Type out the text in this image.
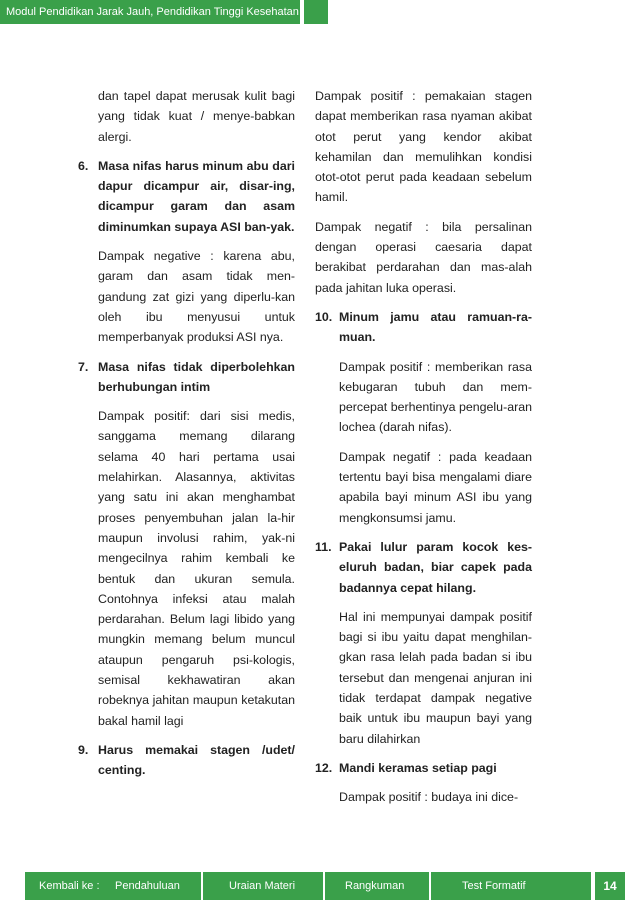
Modul Pendidikan Jarak Jauh, Pendidikan Tinggi Kesehatan

dan tapel dapat merusak kulit bagi yang tidak kuat / menye-babkan alergi.

6. Masa nifas harus minum abu dari dapur dicampur air, disar-ing, dicampur garam dan asam diminumkan supaya ASI ban-yak.

Dampak negative : karena abu, garam dan asam tidak men-gandung zat gizi yang diperlu-kan oleh ibu menyusui untuk memperbanyak produksi ASI nya.

7. Masa nifas tidak diperbolehkan berhubungan intim

Dampak positif: dari sisi medis, sanggama memang dilarang selama 40 hari pertama usai melahirkan. Alasannya, aktivitas yang satu ini akan menghambat proses penyembuhan jalan la-hir maupun involusi rahim, yak-ni mengecilnya rahim kembali ke bentuk dan ukuran semula. Contohnya infeksi atau malah perdarahan. Belum lagi libido yang mungkin memang belum muncul ataupun pengaruh psi-kologis, semisal kekhawatiran akan robeknya jahitan maupun ketakutan bakal hamil lagi

9. Harus memakai stagen /udet/ centing.

Dampak positif : pemakaian stagen dapat memberikan rasa nyaman akibat otot perut yang kendor akibat kehamilan dan memulihkan kondisi otot-otot perut pada keadaan sebelum hamil.

Dampak negatif : bila persalinan dengan operasi caesaria dapat berakibat perdarahan dan mas-alah pada jahitan luka operasi.

10. Minum jamu atau ramuan-ra-muan.

Dampak positif : memberikan rasa kebugaran tubuh dan mem-percepat berhentinya pengelu-aran lochea (darah nifas).

Dampak negatif : pada keadaan tertentu bayi bisa mengalami diare apabila bayi minum ASI ibu yang mengkonsumsi jamu.

11. Pakai lulur param kocok kes-eluruh badan, biar capek pada badannya cepat hilang.

Hal ini mempunyai dampak positif bagi si ibu yaitu dapat menghilan-gkan rasa lelah pada badan si ibu tersebut dan mengenai anjuran ini tidak terdapat dampak negative baik untuk ibu maupun bayi yang baru dilahirkan

12. Mandi keramas setiap pagi

Dampak positif : budaya ini dice-

Kembali ke : Pendahuluan	Uraian Materi	Rangkuman	Test Formatif	14
